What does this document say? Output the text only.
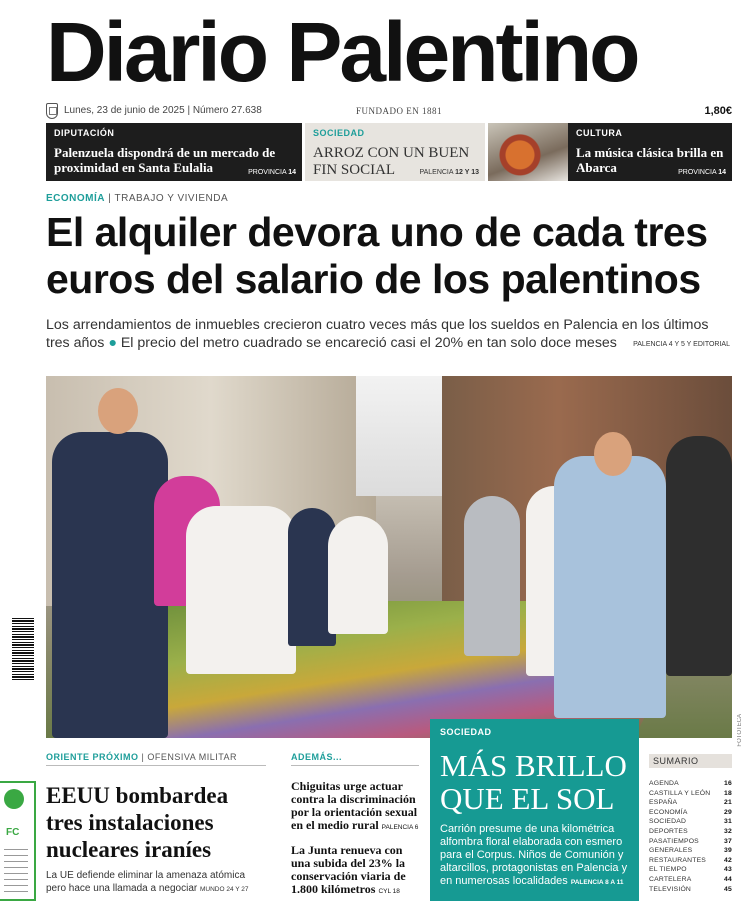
Diario Palentino
Lunes, 23 de junio de 2025 | Número 27.638	FUNDADO EN 1881	1,80€
DIPUTACIÓN
Palenzuela dispondrá de un mercado de proximidad en Santa Eulalia	PROVINCIA 14
SOCIEDAD
ARROZ CON UN BUEN FIN SOCIAL	PALENCIA 12 Y 13
CULTURA
La música clásica brilla en Abarca	PROVINCIA 14
ECONOMÍA | TRABAJO Y VIVIENDA
El alquiler devora uno de cada tres euros del salario de los palentinos

Los arrendamientos de inmuebles crecieron cuatro veces más que los sueldos en Palencia en los últimos tres años ● El precio del metro cuadrado se encareció casi el 20% en tan solo doce meses	PALENCIA 4 Y 5 Y EDITORIAL
FOTOTECA
FC
ORIENTE PRÓXIMO | OFENSIVA MILITAR
EEUU bombardea tres instalaciones nucleares iraníes
La UE defiende eliminar la amenaza atómica pero hace una llamada a negociar MUNDO 24 Y 27
ADEMÁS...
Chiguitas urge actuar contra la discriminación por la orientación sexual en el medio rural PALENCIA 6
La Junta renueva con una subida del 23% la conservación viaria de 1.800 kilómetros CYL 18
SOCIEDAD
MÁS BRILLO QUE EL SOL
Carrión presume de una kilométrica alfombra floral elaborada con esmero para el Corpus. Niños de Comunión y altarcillos, protagonistas en Palencia y en numerosas localidades PALENCIA 8 A 11
SUMARIO
AGENDA	16
CASTILLA Y LEÓN 18
ESPAÑA	21
ECONOMÍA	29
SOCIEDAD	31
DEPORTES	32
PASATIEMPOS	37
GENERALES	39
RESTAURANTES	42
EL TIEMPO	43
CARTELERA	44
TELEVISIÓN	45
